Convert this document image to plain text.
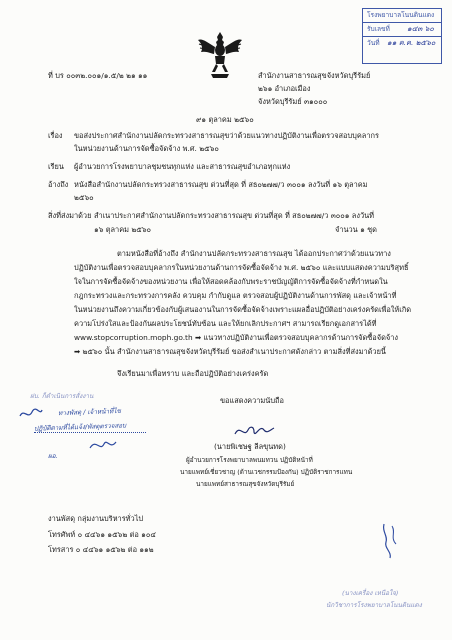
โรงพยาบาลโนนดินแดง
รับเลขที่ ๑๔๓ ๖๐
วันที่ ๑๑ ค.ค. ๒๕๖๐
ที่ บร ๐๐๓๒.๐๐๑/๑.๕/๒ ๒๑ ๑๑	สำนักงานสาธารณสุขจังหวัดบุรีรัมย์
๒๖๑ อำเภอเมือง
จังหวัดบุรีรัมย์ ๓๑๐๐๐
๙๑ ตุลาคม ๒๕๖๐
เรื่อง ขอส่งประกาศสำนักงานปลัดกระทรวงสาธารณสุขว่าด้วยแนวทางปฏิบัติงานเพื่อตรวจสอบบุคลากร
ในหน่วยงานด้านการจัดซื้อจัดจ้าง พ.ศ. ๒๕๖๐
เรียน ผู้อำนวยการโรงพยาบาลชุมชนทุกแห่ง และสาธารณสุขอำเภอทุกแห่ง
อ้างถึง หนังสือสำนักงานปลัดกระทรวงสาธารณสุข ด่วนที่สุด ที่ สธ๐๒๗๗/ว ๓๐๐๑ ลงวันที่ ๑๖ ตุลาคม
๒๕๖๐
สิ่งที่ส่งมาด้วย สำเนาประกาศสำนักงานปลัดกระทรวงสาธารณสุข ด่วนที่สุด ที่ สธ๐๒๗๗/ว ๓๐๐๑ ลงวันที่
๑๖ ตุลาคม ๒๕๖๐	จำนวน ๑ ชุด
ตามหนังสือที่อ้างถึง สำนักงานปลัดกระทรวงสาธารณสุข ได้ออกประกาศว่าด้วยแนวทาง
ปฏิบัติงานเพื่อตรวจสอบบุคลากรในหน่วยงานด้านการจัดซื้อจัดจ้าง พ.ศ. ๒๕๖๐ และแบบแสดงความบริสุทธิ์
ใจในการจัดซื้อจัดจ้างของหน่วยงาน เพื่อให้สอดคล้องกับพระราชบัญญัติการจัดซื้อจัดจ้างที่กำหนดใน
กฎกระทรวงและกระทรวงการคลัง ควบคุม กำกับดูแล ตรวจสอบผู้ปฏิบัติงานด้านการพัสดุ และเจ้าหน้าที่
ในหน่วยงานถึงความเกี่ยวข้องกับผู้เสนองานในการจัดซื้อจัดจ้างเพราะแผลอื่อปฏิบัติอย่างเคร่งครัดเพื่อให้เกิด
ความโปร่งใสและป้องกันผลประโยชน์ทับซ้อน และให้ยกเลิกประกาศฯ สามารถเรียกดูเอกสารได้ที่
www.stopcorruption.moph.go.th ➡ แนวทางปฏิบัติงานเพื่อตรวจสอบบุคลากรด้านการจัดซื้อจัดจ้าง
➡ ๒๕๖๐ นั้น สำนักงานสาธารณสุขจังหวัดบุรีรัมย์ ขอส่งสำเนาประกาศดังกล่าว ตามสิ่งที่ส่งมาด้วยนี้
จึงเรียนมาเพื่อทราบ และถือปฏิบัติอย่างเคร่งครัด
ฝบ. ก็ดำเนินการสั่งงาน
ทางพัสดุ / เจ้าหน้าที่ไข
ปฏิบัติตามที่ได้แจ้ง/พัสดุตรวจสอบ
ผอ.
ขอแสดงความนับถือ
(นายพิเชษฐ ลีลขุนทด)
ผู้อำนวยการโรงพยาบาลพนมทวน ปฏิบัติหน้าที่
นายแพทย์เชี่ยวชาญ (ด้านเวชกรรมป้องกัน) ปฏิบัติราชการแทน
นายแพทย์สาธารณสุขจังหวัดบุรีรัมย์
งานพัสดุ กลุ่มงานบริหารทั่วไป
โทรศัพท์ ๐ ๔๔๖๑ ๑๕๖๒ ต่อ ๑๐๔
โทรสาร ๐ ๔๔๖๑ ๑๕๖๒ ต่อ ๑๑๒
(นางเครื่อง เหนือใจ)
นักวิชาการโรงพยาบาลโนนดินแดง
